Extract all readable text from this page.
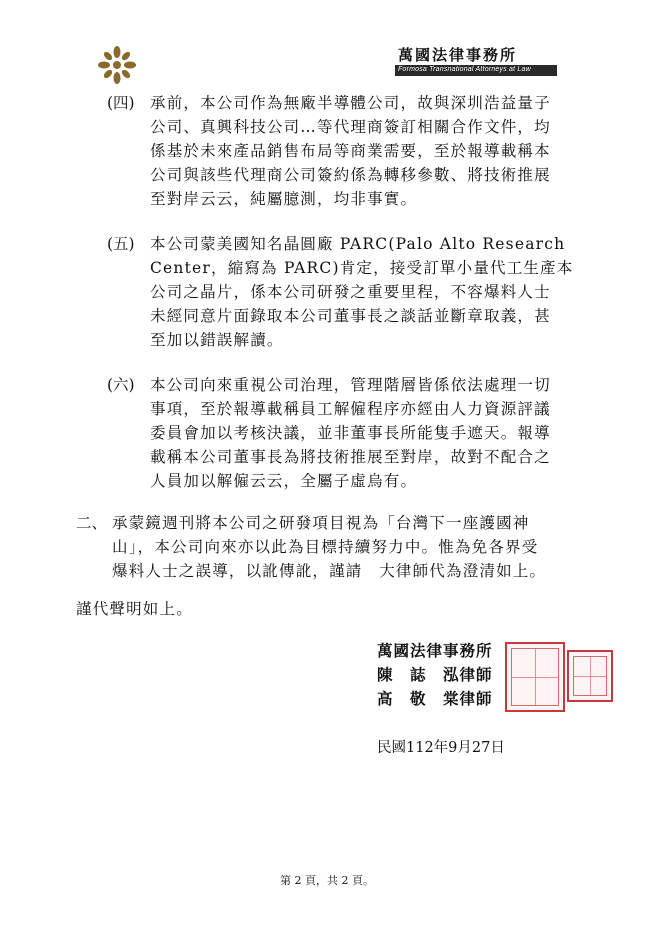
萬國法律事務所
Formosa Transnational Attorneys at Law
(四) 承前，本公司作為無廠半導體公司，故與深圳浩益量子
公司、真興科技公司…等代理商簽訂相關合作文件，均
係基於未來產品銷售布局等商業需要，至於報導載稱本
公司與該些代理商公司簽約係為轉移參數、將技術推展
至對岸云云，純屬臆測，均非事實。
(五) 本公司蒙美國知名晶圓廠 PARC(Palo Alto Research
Center，縮寫為 PARC)肯定，接受訂單小量代工生產本
公司之晶片，係本公司研發之重要里程，不容爆料人士
未經同意片面錄取本公司董事長之談話並斷章取義，甚
至加以錯誤解讀。
(六) 本公司向來重視公司治理，管理階層皆係依法處理一切
事項，至於報導載稱員工解僱程序亦經由人力資源評議
委員會加以考核決議，並非董事長所能隻手遮天。報導
載稱本公司董事長為將技術推展至對岸，故對不配合之
人員加以解僱云云，全屬子虛烏有。
二、 承蒙鏡週刊將本公司之研發項目視為「台灣下一座護國神
山」，本公司向來亦以此為目標持續努力中。惟為免各界受
爆料人士之誤導，以訛傳訛，謹請　大律師代為澄清如上。
謹代聲明如上。
萬國法律事務所
陳　誌　泓律師
高　敬　棠律師
民國112年9月27日
第 2 頁，共 2 頁。
